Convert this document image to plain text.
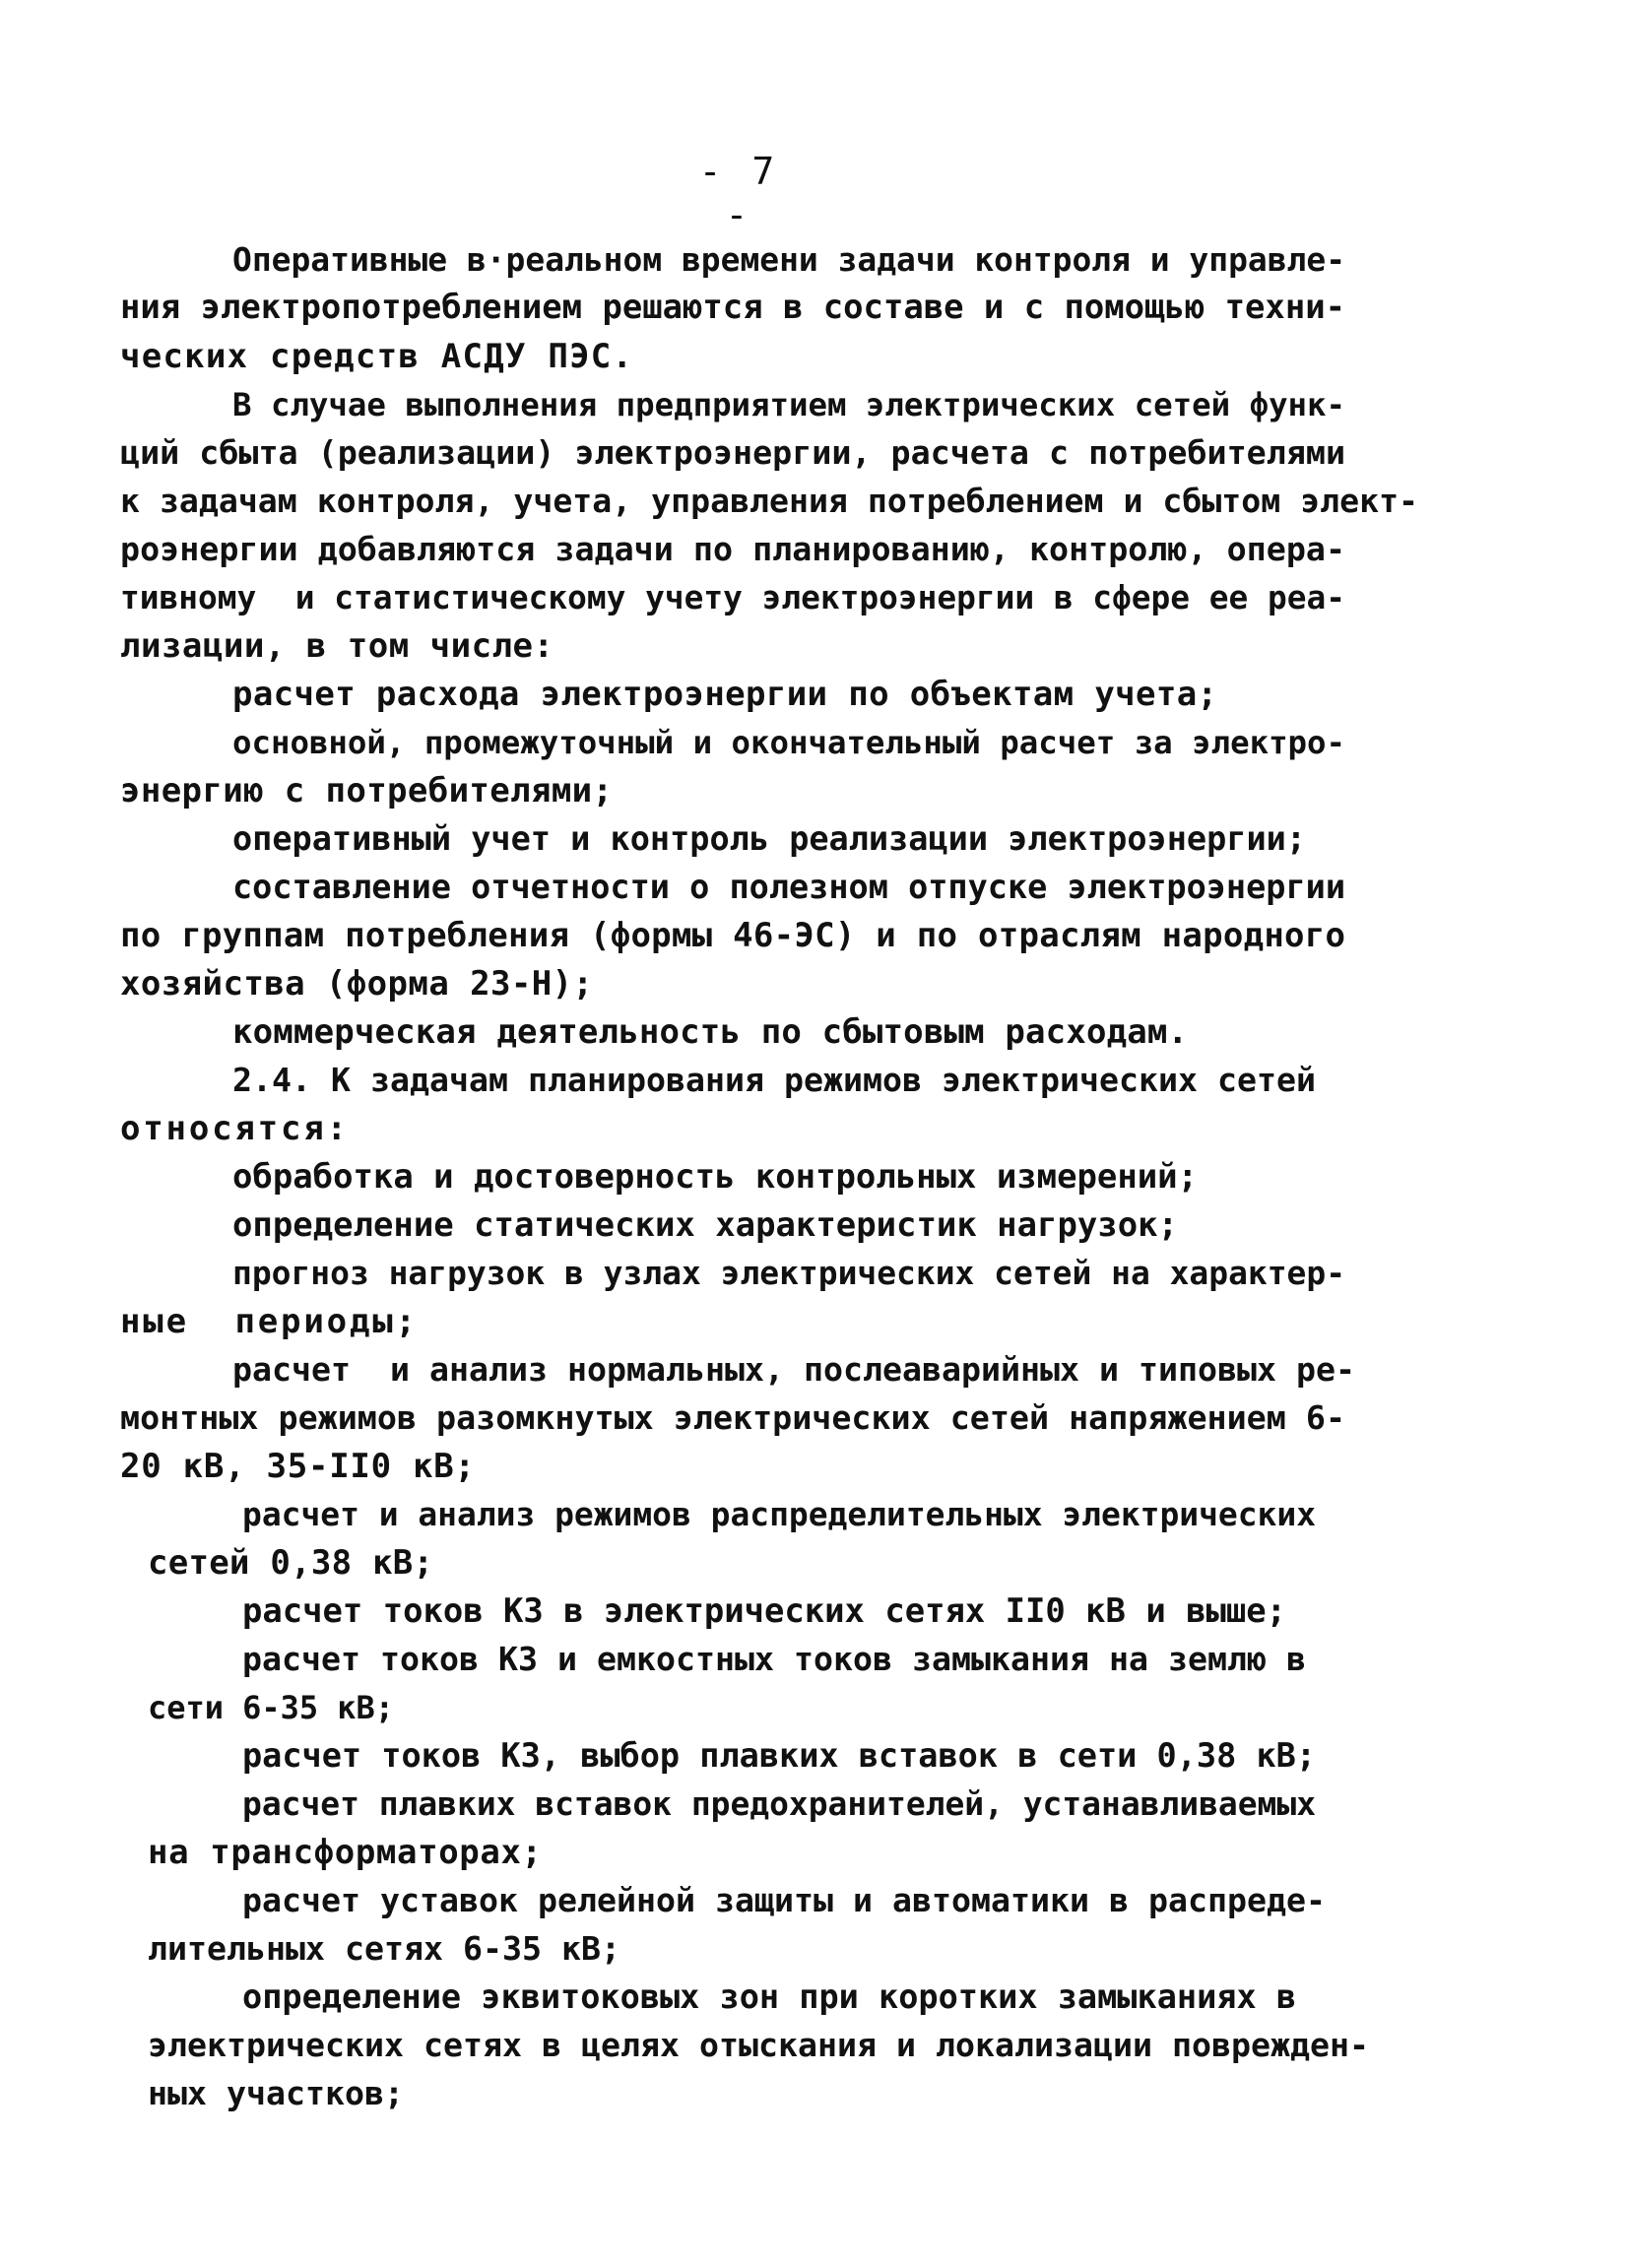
- 7 -
Оперативные в·реальном времени задачи контроля и управле-
ния электропотреблением решаются в составе и с помощью техни-
ческих средств АСДУ ПЭС.
В случае выполнения предприятием электрических сетей функ-
ций сбыта (реализации) электроэнергии, расчета с потребителями
к задачам контроля, учета, управления потреблением и сбытом элект-
роэнергии добавляются задачи по планированию, контролю, опера-
тивному  и статистическому учету электроэнергии в сфере ее реа-
лизации, в том числе:
расчет расхода электроэнергии по объектам учета;
основной, промежуточный и окончательный расчет за электро-
энергию с потребителями;
оперативный учет и контроль реализации электроэнергии;
составление отчетности о полезном отпуске электроэнергии
по группам потребления (формы 46-ЭС) и по отраслям народного
хозяйства (форма 23-Н);
коммерческая деятельность по сбытовым расходам.
2.4. К задачам планирования режимов электрических сетей
относятся:
обработка и достоверность контрольных измерений;
определение статических характеристик нагрузок;
прогноз нагрузок в узлах электрических сетей на характер-
ные  периоды;
расчет  и анализ нормальных, послеаварийных и типовых ре-
монтных режимов разомкнутых электрических сетей напряжением 6-
20 кВ, 35-II0 кВ;
расчет и анализ режимов распределительных электрических
сетей 0,38 кВ;
расчет токов КЗ в электрических сетях II0 кВ и выше;
расчет токов КЗ и емкостных токов замыкания на землю в
сети 6-35 кВ;
расчет токов КЗ, выбор плавких вставок в сети 0,38 кВ;
расчет плавких вставок предохранителей, устанавливаемых
на трансформаторах;
расчет уставок релейной защиты и автоматики в распреде-
лительных сетях 6-35 кВ;
определение эквитоковых зон при коротких замыканиях в
электрических сетях в целях отыскания и локализации поврежден-
ных участков;
